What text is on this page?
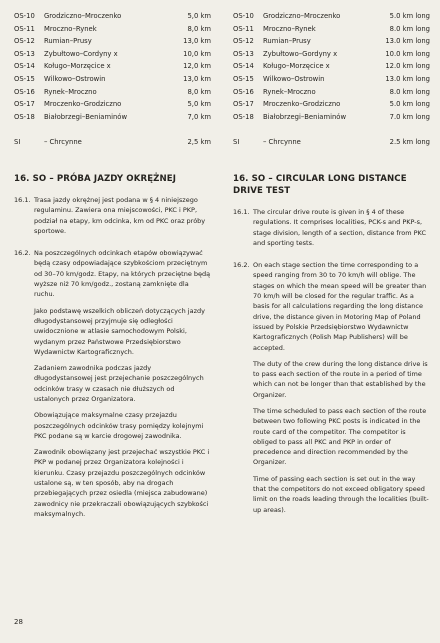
OS-10	Grodziczno–Mroczenko	5,0 km
OS-11	Mroczno–Rynek	8,0 km
OS-12	Rumian–Prusy	13,0 km
OS-13	Zybułtowo–Cordyny x	10,0 km
OS-14	Koługo–Morzęcice x	12,0 km
OS-15	Wilkowo–Ostrowin	13,0 km
OS-16	Rynek–Mroczno	8,0 km
OS-17	Mroczenko–Grodziczno	5,0 km
OS-18	Białobrzegi–Beniaminów	7,0 km
SI	– Chrcynne	2,5 km
16. SO – PRÓBA JAZDY OKRĘŻNEJ
16.1. Trasa jazdy okrężnej jest podana w § 4 niniejszego regulaminu. Zawiera ona miejscowości, PKC i PKP, podział na etapy, km odcinka, km od PKC oraz próby sportowe.

16.2. Na poszczególnych odcinkach etapów obowiązywać będą czasy odpowiadające szybkościom przeciętnym od 30–70 km/godz. Etapy, na których przeciętne będą wyższe niż 70 km/godz., zostaną zamknięte dla ruchu.

Jako podstawę wszelkich obliczeń dotyczących jazdy długodystansowej przyjmuje się odległości uwidocznione w atlasie samochodowym Polski, wydanym przez Państwowe Przedsiębiorstwo Wydawnictw Kartograficznych.

Zadaniem zawodnika podczas jazdy długodystansowej jest przejechanie poszczególnych odcinków trasy w czasach nie dłuższych od ustalonych przez Organizatora.

Obowiązujące maksymalne czasy przejazdu poszczególnych odcinków trasy pomiędzy kolejnymi PKC podane są w karcie drogowej zawodnika.

Zawodnik obowiązany jest przejechać wszystkie PKC i PKP w podanej przez Organizatora kolejności i kierunku. Czasy przejazdu poszczególnych odcinków ustalone są, w ten sposób, aby na drogach przebiegających przez osiedla (miejsca zabudowane) zawodnicy nie przekraczali obowiązujących szybkości maksymalnych.

OS-10	Grodziczno–Mroczenko	5.0 km long
OS-11	Mroczno–Rynek	8.0 km long
OS-12	Rumian–Prusy	13.0 km long
OS-13	Zybułtowo–Gordyny x	10.0 km long
OS-14	Koługo–Morzęcice x	12.0 km long
OS-15	Wilkowo–Ostrowin	13.0 km long
OS-16	Rynek–Mroczno	8.0 km long
OS-17	Mroczenko–Grodziczno	5.0 km long
OS-18	Białobrzegi–Beniaminów	7.0 km long
SI	– Chrcynne	2.5 km long
16. SO – CIRCULAR LONG DISTANCE DRIVE TEST
16.1. The circular drive route is given in § 4 of these regulations. It comprises localities, PCK-s and PKP-s, stage division, length of a section, distance from PKC and sporting tests.

16.2. On each stage section the time corresponding to a speed ranging from 30 to 70 km/h will oblige. The stages on which the mean speed will be greater than 70 km/h will be closed for the regular traffic. As a basis for all calculations regarding the long distance drive, the distance given in Motoring Map of Poland issued by Polskie Przedsiębiorstwo Wydawnictw Kartograficznych (Polish Map Publishers) will be accepted.

The duty of the crew during the long distance drive is to pass each section of the route in a period of time which can not be longer than that established by the Organizer.

The time scheduled to pass each section of the route between two following PKC posts is indicated in the route card of the competitor. The competitor is obliged to pass all PKC and PKP in order of precedence and direction recommended by the Organizer.

Time of passing each section is set out in the way that the competitors do not exceed obligatory speed limit on the roads leading through the localities (built-up areas).

28
